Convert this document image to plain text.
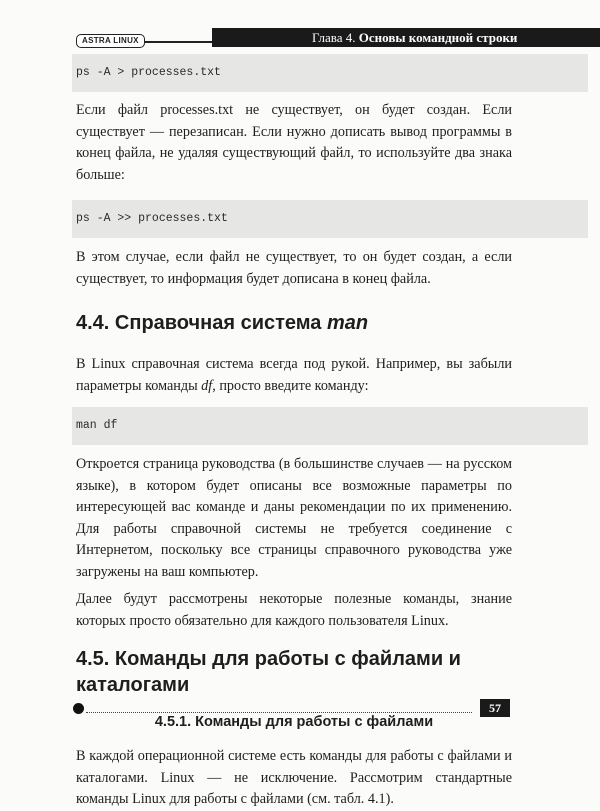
ASTRA LINUX	Глава 4. Основы командной строки
ps -A > processes.txt

Если файл processes.txt не существует, он будет создан. Если существует — перезаписан. Если нужно дописать вывод программы в конец файла, не удаляя существующий файл, то используйте два знака больше:

ps -A >> processes.txt

В этом случае, если файл не существует, то он будет создан, а если существует, то информация будет дописана в конец файла.

4.4. Справочная система man

В Linux справочная система всегда под рукой. Например, вы забыли параметры команды df, просто введите команду:

man df

Откроется страница руководства (в большинстве случаев — на русском языке), в котором будет описаны все возможные параметры по интересующей вас команде и даны рекомендации по их применению. Для работы справочной системы не требуется соединение с Интернетом, поскольку все страницы справочного руководства уже загружены на ваш компьютер.

Далее будут рассмотрены некоторые полезные команды, знание которых просто обязательно для каждого пользователя Linux.

4.5. Команды для работы с файлами и каталогами
4.5.1. Команды для работы с файлами

В каждой операционной системе есть команды для работы с файлами и каталогами. Linux — не исключение. Рассмотрим стандартные команды Linux для работы с файлами (см. табл. 4.1).

57
